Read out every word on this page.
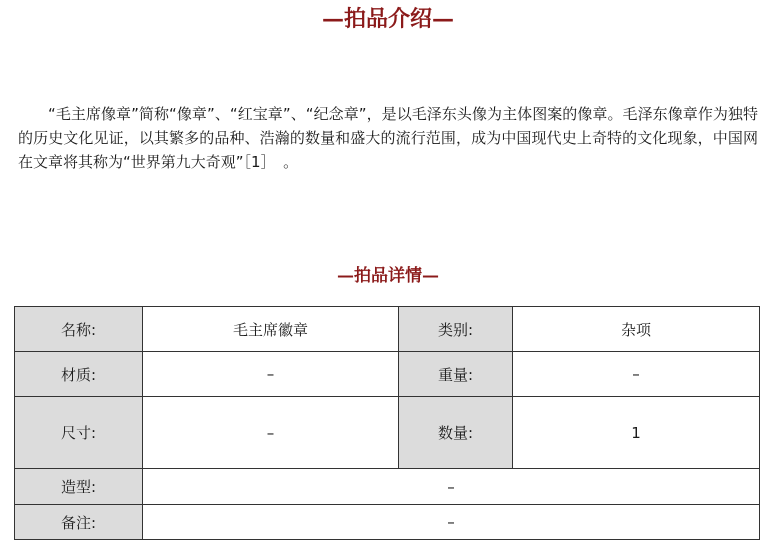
—拍品介绍—

“毛主席像章”简称“像章”、“红宝章”、“纪念章”，是以毛泽东头像为主体图案的像章。毛泽东像章作为独特的历史文化见证，以其繁多的品种、浩瀚的数量和盛大的流行范围，成为中国现代史上奇特的文化现象，中国网在文章将其称为“世界第九大奇观”［1］　。

—拍品详情—
名称:	毛主席徽章	类别:	杂项
材质:	–	重量:	–
尺寸:	–	数量:	1
造型:	–		
备注:	–		
